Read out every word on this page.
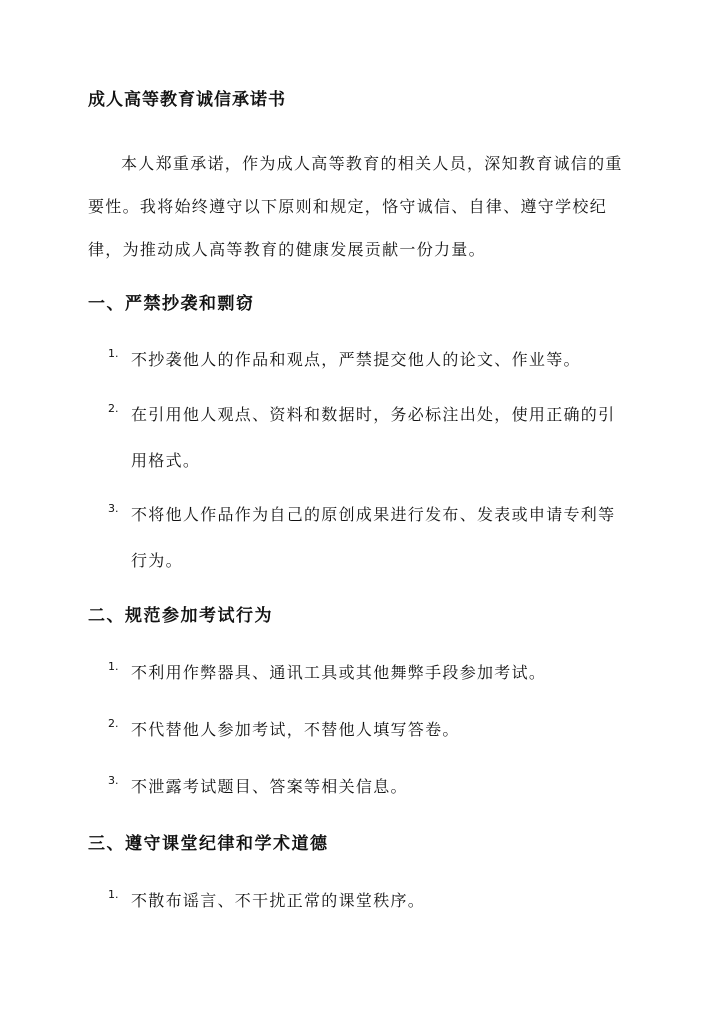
成人高等教育诚信承诺书

本人郑重承诺，作为成人高等教育的相关人员，深知教育诚信的重要性。我将始终遵守以下原则和规定，恪守诚信、自律、遵守学校纪律，为推动成人高等教育的健康发展贡献一份力量。

一、严禁抄袭和剽窃
1. 不抄袭他人的作品和观点，严禁提交他人的论文、作业等。
2. 在引用他人观点、资料和数据时，务必标注出处，使用正确的引用格式。
3. 不将他人作品作为自己的原创成果进行发布、发表或申请专利等行为。
二、规范参加考试行为
1. 不利用作弊器具、通讯工具或其他舞弊手段参加考试。
2. 不代替他人参加考试，不替他人填写答卷。
3. 不泄露考试题目、答案等相关信息。
三、遵守课堂纪律和学术道德
1. 不散布谣言、不干扰正常的课堂秩序。
